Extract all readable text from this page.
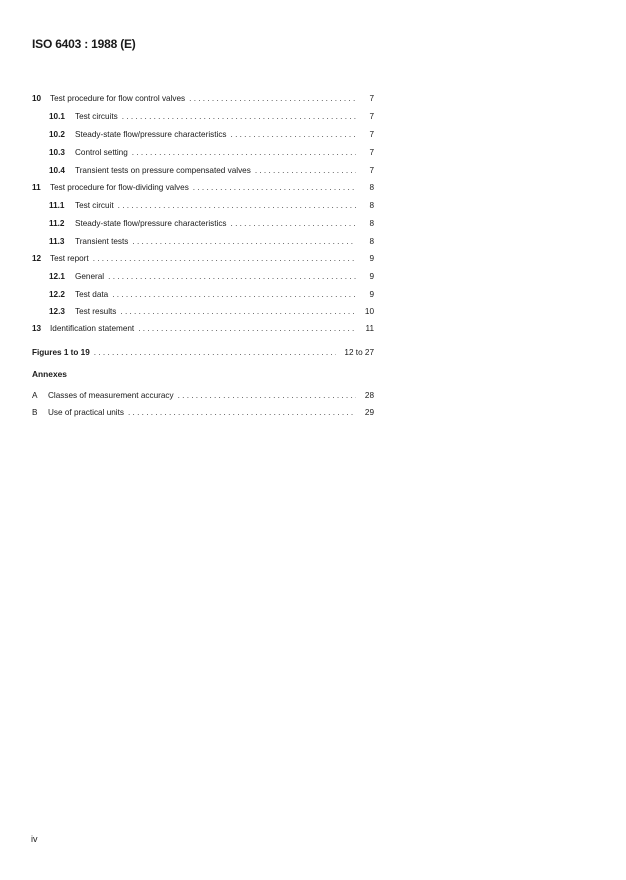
ISO 6403 : 1988 (E)
10	Test procedure for flow control valves . . .	7
10.1	Test circuits . . .	7
10.2	Steady-state flow/pressure characteristics . . .	7
10.3	Control setting . . .	7
10.4	Transient tests on pressure compensated valves . . .	7
11	Test procedure for flow-dividing valves . . .	8
11.1	Test circuit . . .	8
11.2	Steady-state flow/pressure characteristics . . .	8
11.3	Transient tests . . .	8
12	Test report . . .	9
12.1	General . . .	9
12.2	Test data . . .	9
12.3	Test results . . .	10
13	Identification statement . . .	11
Figures 1 to 19 . . .	12 to 27
Annexes
A	Classes of measurement accuracy . . .	28
B	Use of practical units . . .	29
iv
